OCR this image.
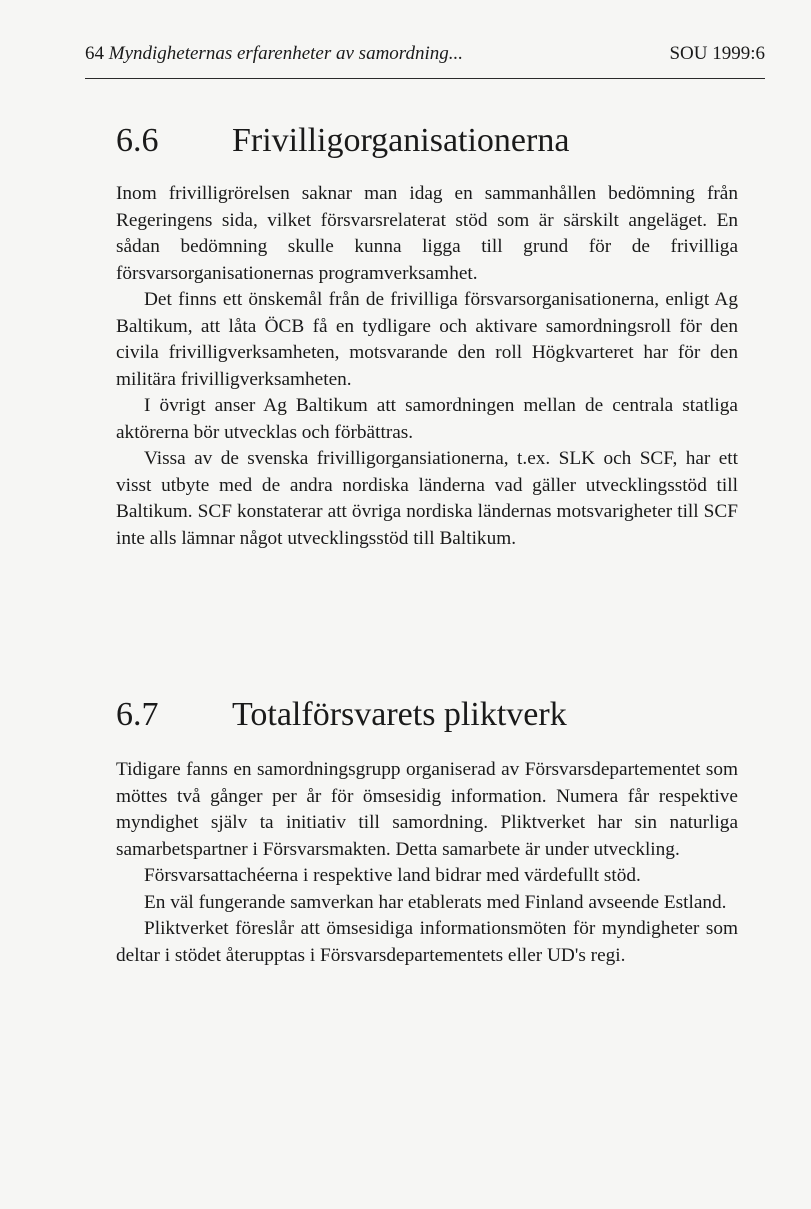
64 Myndigheternas erfarenheter av samordning...	SOU 1999:6
6.6	Frivilligorganisationerna

Inom frivilligrörelsen saknar man idag en sammanhållen bedömning från Regeringens sida, vilket försvarsrelaterat stöd som är särskilt angeläget. En sådan bedömning skulle kunna ligga till grund för de frivilliga försvarsorganisationernas programverksamhet.

Det finns ett önskemål från de frivilliga försvarsorganisationerna, enligt Ag Baltikum, att låta ÖCB få en tydligare och aktivare samordningsroll för den civila frivilligverksamheten, motsvarande den roll Högkvarteret har för den militära frivilligverksamheten.

I övrigt anser Ag Baltikum att samordningen mellan de centrala statliga aktörerna bör utvecklas och förbättras.

Vissa av de svenska frivilligorgansiationerna, t.ex. SLK och SCF, har ett visst utbyte med de andra nordiska länderna vad gäller utvecklingsstöd till Baltikum. SCF konstaterar att övriga nordiska ländernas motsvarigheter till SCF inte alls lämnar något utvecklingsstöd till Baltikum.

6.7	Totalförsvarets pliktverk

Tidigare fanns en samordningsgrupp organiserad av Försvarsdepartementet som möttes två gånger per år för ömsesidig information. Numera får respektive myndighet själv ta initiativ till samordning. Pliktverket har sin naturliga samarbetspartner i Försvarsmakten. Detta samarbete är under utveckling.

Försvarsattachéerna i respektive land bidrar med värdefullt stöd.

En väl fungerande samverkan har etablerats med Finland avseende Estland.

Pliktverket föreslår att ömsesidiga informationsmöten för myndigheter som deltar i stödet återupptas i Försvarsdepartementets eller UD's regi.
